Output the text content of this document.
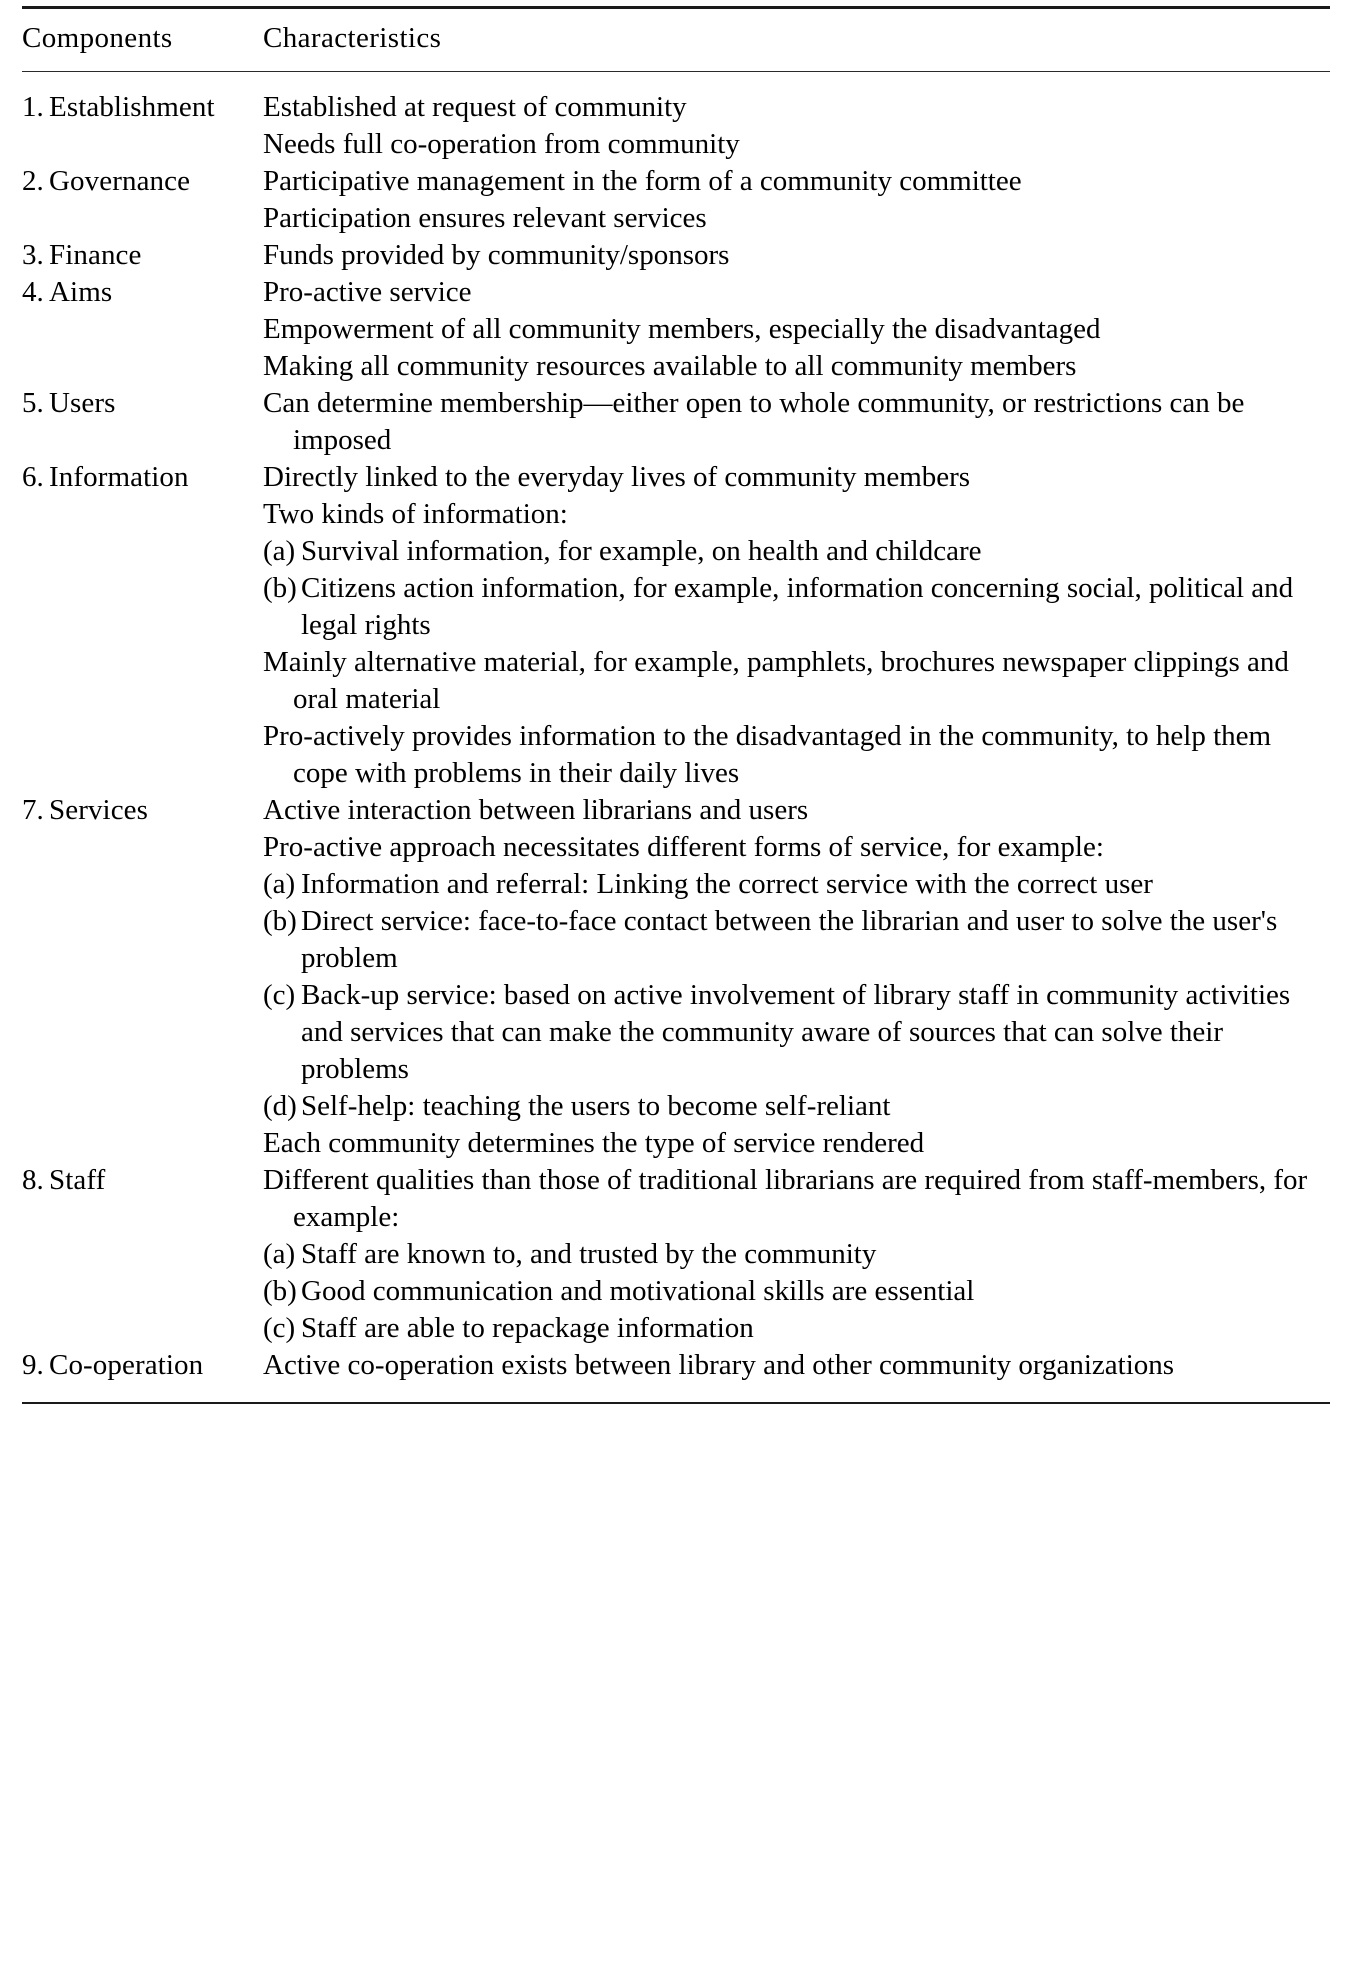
Components	Characteristics
1. Establishment	Established at request of community
Needs full co-operation from community
2. Governance	Participative management in the form of a community committee
Participation ensures relevant services
3. Finance	Funds provided by community/sponsors
4. Aims	Pro-active service
Empowerment of all community members, especially the disadvantaged
Making all community resources available to all community members
5. Users	Can determine membership—either open to whole community, or restrictions can be imposed
6. Information	Directly linked to the everyday lives of community members
Two kinds of information:
(a) Survival information, for example, on health and childcare
(b) Citizens action information, for example, information concerning social, political and legal rights
Mainly alternative material, for example, pamphlets, brochures newspaper clippings and oral material
Pro-actively provides information to the disadvantaged in the community, to help them cope with problems in their daily lives
7. Services	Active interaction between librarians and users
Pro-active approach necessitates different forms of service, for example:
(a) Information and referral: Linking the correct service with the correct user
(b) Direct service: face-to-face contact between the librarian and user to solve the user's problem
(c) Back-up service: based on active involvement of library staff in community activities and services that can make the community aware of sources that can solve their problems
(d) Self-help: teaching the users to become self-reliant
Each community determines the type of service rendered
8. Staff	Different qualities than those of traditional librarians are required from staff-members, for example:
(a) Staff are known to, and trusted by the community
(b) Good communication and motivational skills are essential
(c) Staff are able to repackage information
9. Co-operation	Active co-operation exists between library and other community organizations
